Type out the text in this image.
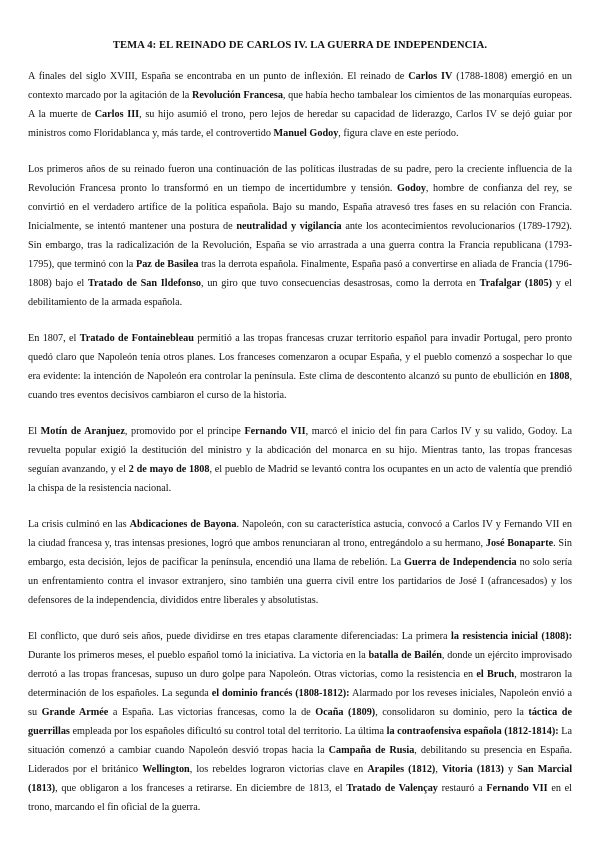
TEMA 4: EL REINADO DE CARLOS IV. LA GUERRA DE INDEPENDENCIA.

A finales del siglo XVIII, España se encontraba en un punto de inflexión. El reinado de Carlos IV (1788-1808) emergió en un contexto marcado por la agitación de la Revolución Francesa, que había hecho tambalear los cimientos de las monarquías europeas. A la muerte de Carlos III, su hijo asumió el trono, pero lejos de heredar su capacidad de liderazgo, Carlos IV se dejó guiar por ministros como Floridablanca y, más tarde, el controvertido Manuel Godoy, figura clave en este período.

Los primeros años de su reinado fueron una continuación de las políticas ilustradas de su padre, pero la creciente influencia de la Revolución Francesa pronto lo transformó en un tiempo de incertidumbre y tensión. Godoy, hombre de confianza del rey, se convirtió en el verdadero artífice de la política española. Bajo su mando, España atravesó tres fases en su relación con Francia. Inicialmente, se intentó mantener una postura de neutralidad y vigilancia ante los acontecimientos revolucionarios (1789-1792). Sin embargo, tras la radicalización de la Revolución, España se vio arrastrada a una guerra contra la Francia republicana (1793-1795), que terminó con la Paz de Basilea tras la derrota española. Finalmente, España pasó a convertirse en aliada de Francia (1796-1808) bajo el Tratado de San Ildefonso, un giro que tuvo consecuencias desastrosas, como la derrota en Trafalgar (1805) y el debilitamiento de la armada española.

En 1807, el Tratado de Fontainebleau permitió a las tropas francesas cruzar territorio español para invadir Portugal, pero pronto quedó claro que Napoleón tenía otros planes. Los franceses comenzaron a ocupar España, y el pueblo comenzó a sospechar lo que era evidente: la intención de Napoleón era controlar la península. Este clima de descontento alcanzó su punto de ebullición en 1808, cuando tres eventos decisivos cambiaron el curso de la historia.

El Motín de Aranjuez, promovido por el príncipe Fernando VII, marcó el inicio del fin para Carlos IV y su valido, Godoy. La revuelta popular exigió la destitución del ministro y la abdicación del monarca en su hijo. Mientras tanto, las tropas francesas seguían avanzando, y el 2 de mayo de 1808, el pueblo de Madrid se levantó contra los ocupantes en un acto de valentía que prendió la chispa de la resistencia nacional.

La crisis culminó en las Abdicaciones de Bayona. Napoleón, con su característica astucia, convocó a Carlos IV y Fernando VII en la ciudad francesa y, tras intensas presiones, logró que ambos renunciaran al trono, entregándolo a su hermano, José Bonaparte. Sin embargo, esta decisión, lejos de pacificar la península, encendió una llama de rebelión. La Guerra de Independencia no solo sería un enfrentamiento contra el invasor extranjero, sino también una guerra civil entre los partidarios de José I (afrancesados) y los defensores de la independencia, divididos entre liberales y absolutistas.

El conflicto, que duró seis años, puede dividirse en tres etapas claramente diferenciadas: La primera la resistencia inicial (1808): Durante los primeros meses, el pueblo español tomó la iniciativa. La victoria en la batalla de Bailén, donde un ejército improvisado derrotó a las tropas francesas, supuso un duro golpe para Napoleón. Otras victorias, como la resistencia en el Bruch, mostraron la determinación de los españoles. La segunda el dominio francés (1808-1812): Alarmado por los reveses iniciales, Napoleón envió a su Grande Armée a España. Las victorias francesas, como la de Ocaña (1809), consolidaron su dominio, pero la táctica de guerrillas empleada por los españoles dificultó su control total del territorio. La última la contraofensiva española (1812-1814): La situación comenzó a cambiar cuando Napoleón desvió tropas hacia la Campaña de Rusia, debilitando su presencia en España. Liderados por el británico Wellington, los rebeldes lograron victorias clave en Arapiles (1812), Vitoria (1813) y San Marcial (1813), que obligaron a los franceses a retirarse. En diciembre de 1813, el Tratado de Valençay restauró a Fernando VII en el trono, marcando el fin oficial de la guerra.
